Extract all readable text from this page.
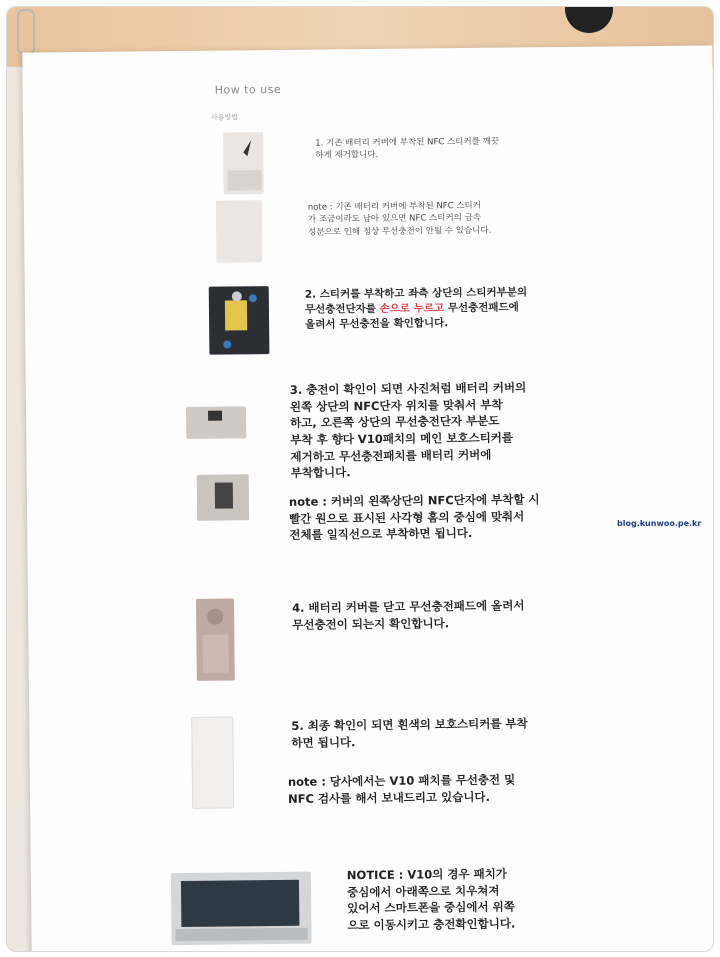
How to use
사용방법
1. 기존 배터리 커버에 부착된 NFC 스티커를 깨끗
하게 제거합니다.
note : 기존 배터리 커버에 부착된 NFC 스티커
가 조금이라도 남아 있으면 NFC 스티커의 금속
성분으로 인해 정상 무선충전이 안될 수 있습니다.
2. 스티커를 부착하고 좌측 상단의 스티커부분의
무선충전단자를 손으로 누르고 무선충전패드에
올려서 무선충전을 확인합니다.
3. 충전이 확인이 되면 사진처럼 배터리 커버의
왼쪽 상단의 NFC단자 위치를 맞춰서 부착
하고, 오른쪽 상단의 무선충전단자 부분도
부착 후 향다 V10패치의 메인 보호스티커를
제거하고 무선충전패치를 배터리 커버에
부착합니다.
note : 커버의 왼쪽상단의 NFC단자에 부착할 시
빨간 원으로 표시된 사각형 홈의 중심에 맞춰서
전체를 일직선으로 부착하면 됩니다.
4. 배터리 커버를 닫고 무선충전패드에 올려서
무선충전이 되는지 확인합니다.
5. 최종 확인이 되면 흰색의 보호스티커를 부착
하면 됩니다.
note : 당사에서는 V10 패치를 무선충전 및
NFC 검사를 해서 보내드리고 있습니다.
NOTICE : V10의 경우 패치가
중심에서 아래쪽으로 치우쳐져
있어서 스마트폰을 중심에서 위쪽
으로 이동시키고 충전확인합니다.
blog.kunwoo.pe.kr
